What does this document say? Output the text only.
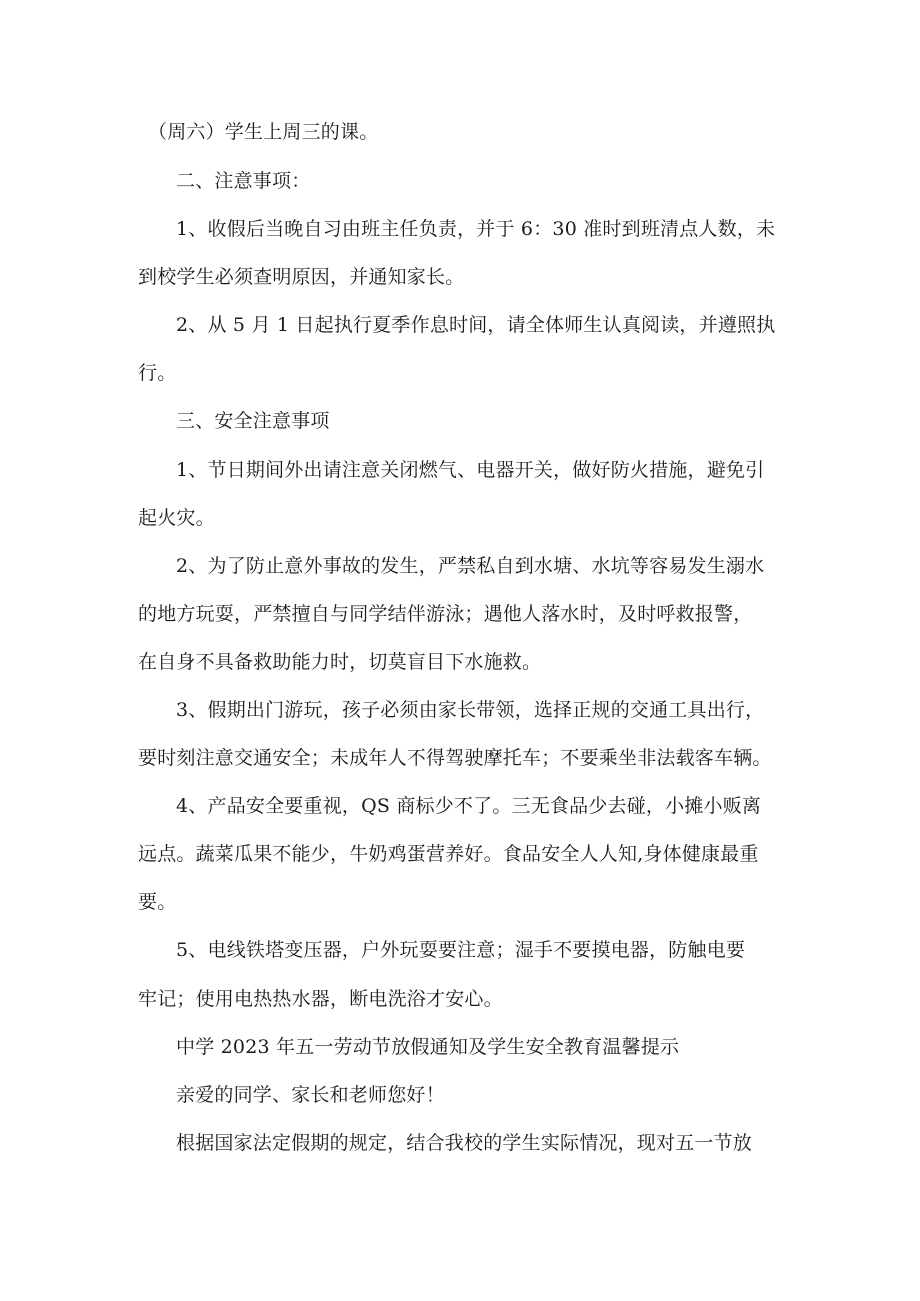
（周六）学生上周三的课。
二、注意事项：
1、收假后当晚自习由班主任负责，并于 6：30 准时到班清点人数，未
到校学生必须查明原因，并通知家长。
2、从 5 月 1 日起执行夏季作息时间，请全体师生认真阅读，并遵照执
行。
三、安全注意事项
1、节日期间外出请注意关闭燃气、电器开关，做好防火措施，避免引
起火灾。
2、为了防止意外事故的发生，严禁私自到水塘、水坑等容易发生溺水
的地方玩耍，严禁擅自与同学结伴游泳；遇他人落水时，及时呼救报警，
在自身不具备救助能力时，切莫盲目下水施救。
3、假期出门游玩，孩子必须由家长带领，选择正规的交通工具出行，
要时刻注意交通安全；未成年人不得驾驶摩托车；不要乘坐非法载客车辆。
4、产品安全要重视，QS 商标少不了。三无食品少去碰，小摊小贩离
远点。蔬菜瓜果不能少，牛奶鸡蛋营养好。食品安全人人知,身体健康最重
要。
5、电线铁塔变压器，户外玩耍要注意；湿手不要摸电器，防触电要
牢记；使用电热热水器，断电洗浴才安心。
中学 2023 年五一劳动节放假通知及学生安全教育温馨提示
亲爱的同学、家长和老师您好！
根据国家法定假期的规定，结合我校的学生实际情况，现对五一节放
